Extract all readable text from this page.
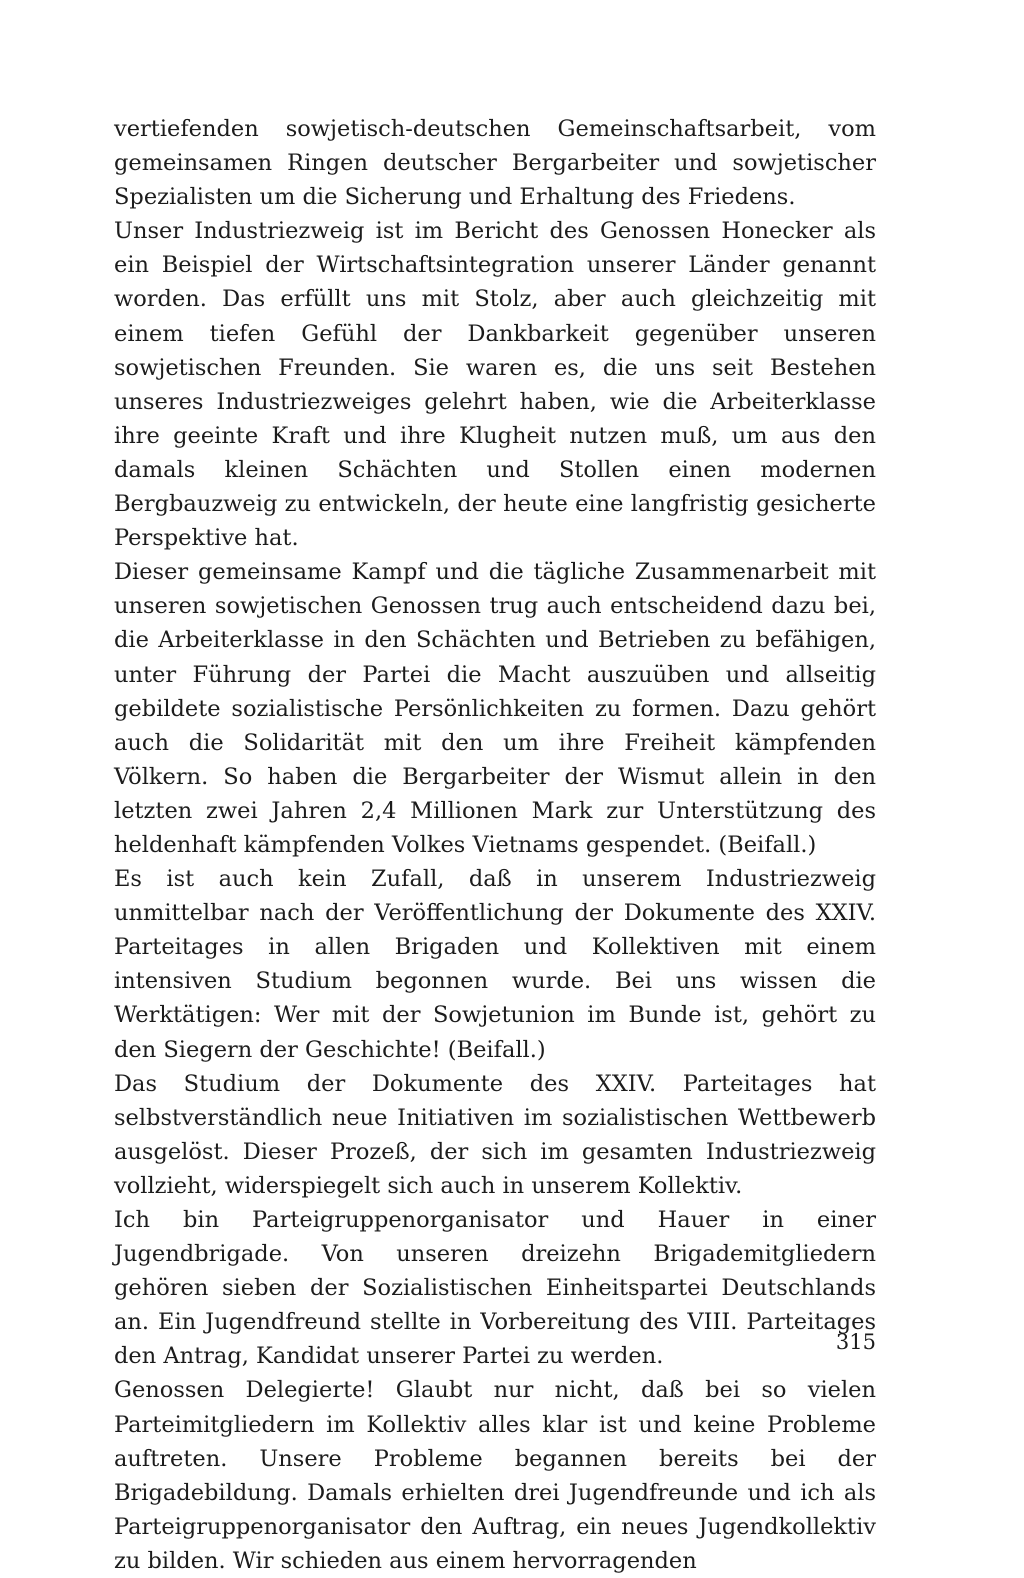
vertiefenden sowjetisch-deutschen Gemeinschaftsarbeit, vom gemeinsamen Ringen deutscher Bergarbeiter und sowjetischer Spezialisten um die Sicherung und Erhaltung des Friedens.

Unser Industriezweig ist im Bericht des Genossen Honecker als ein Beispiel der Wirtschaftsintegration unserer Länder genannt worden. Das erfüllt uns mit Stolz, aber auch gleichzeitig mit einem tiefen Gefühl der Dankbarkeit gegenüber unseren sowjetischen Freunden. Sie waren es, die uns seit Bestehen unseres Industriezweiges gelehrt haben, wie die Arbeiterklasse ihre geeinte Kraft und ihre Klugheit nutzen muß, um aus den damals kleinen Schächten und Stollen einen modernen Bergbauzweig zu entwickeln, der heute eine langfristig gesicherte Perspektive hat.

Dieser gemeinsame Kampf und die tägliche Zusammenarbeit mit unseren sowjetischen Genossen trug auch entscheidend dazu bei, die Arbeiterklasse in den Schächten und Betrieben zu befähigen, unter Führung der Partei die Macht auszuüben und allseitig gebildete sozialistische Persönlichkeiten zu formen. Dazu gehört auch die Solidarität mit den um ihre Freiheit kämpfenden Völkern. So haben die Bergarbeiter der Wismut allein in den letzten zwei Jahren 2,4 Millionen Mark zur Unterstützung des heldenhaft kämpfenden Volkes Vietnams gespendet. (Beifall.)

Es ist auch kein Zufall, daß in unserem Industriezweig unmittelbar nach der Veröffentlichung der Dokumente des XXIV. Parteitages in allen Brigaden und Kollektiven mit einem intensiven Studium begonnen wurde. Bei uns wissen die Werktätigen: Wer mit der Sowjetunion im Bunde ist, gehört zu den Siegern der Geschichte! (Beifall.)

Das Studium der Dokumente des XXIV. Parteitages hat selbstverständlich neue Initiativen im sozialistischen Wettbewerb ausgelöst. Dieser Prozeß, der sich im gesamten Industriezweig vollzieht, widerspiegelt sich auch in unserem Kollektiv.

Ich bin Parteigruppenorganisator und Hauer in einer Jugendbrigade. Von unseren dreizehn Brigademitgliedern gehören sieben der Sozialistischen Einheitspartei Deutschlands an. Ein Jugendfreund stellte in Vorbereitung des VIII. Parteitages den Antrag, Kandidat unserer Partei zu werden.

Genossen Delegierte! Glaubt nur nicht, daß bei so vielen Parteimitgliedern im Kollektiv alles klar ist und keine Probleme auftreten. Unsere Probleme begannen bereits bei der Brigadebildung. Damals erhielten drei Jugendfreunde und ich als Parteigruppenorganisator den Auftrag, ein neues Jugendkollektiv zu bilden. Wir schieden aus einem hervorragenden

315
